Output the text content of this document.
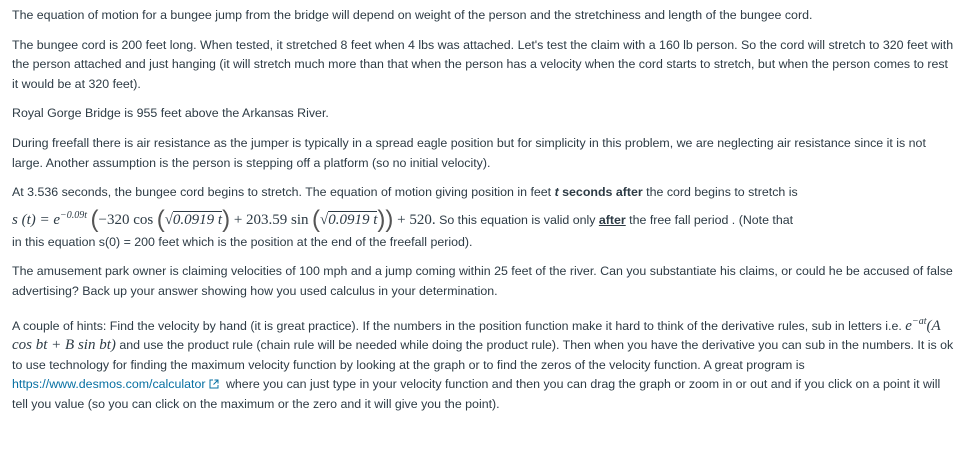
The equation of motion for a bungee jump from the bridge will depend on weight of the person and the stretchiness and length of the bungee cord.

The bungee cord is 200 feet long. When tested, it stretched 8 feet when 4 lbs was attached. Let's test the claim with a 160 lb person. So the cord will stretch to 320 feet with the person attached and just hanging (it will stretch much more than that when the person has a velocity when the cord starts to stretch, but when the person comes to rest it would be at 320 feet).

Royal Gorge Bridge is 955 feet above the Arkansas River.

During freefall there is air resistance as the jumper is typically in a spread eagle position but for simplicity in this problem, we are neglecting air resistance since it is not large. Another assumption is the person is stepping off a platform (so no initial velocity).

At 3.536 seconds, the bungee cord begins to stretch. The equation of motion giving position in feet t seconds after the cord begins to stretch is
s $(t) = e^{-0.09t}$ (−320 cos (√0.0919 t) + 203.59 sin (√0.0919 t)) + 520. So this equation is valid only after the free fall period . (Note that
in this equation s(0) = 200 feet which is the position at the end of the freefall period).

The amusement park owner is claiming velocities of 100 mph and a jump coming within 25 feet of the river. Can you substantiate his claims, or could he be accused of false advertising? Back up your answer showing how you used calculus in your determination.

A couple of hints: Find the velocity by hand (it is great practice). If the numbers in the position function make it hard to think of the derivative rules, sub in letters i.e. $e^{-at}(A$ cos bt + B sin bt) and use the product rule (chain rule will be needed while doing the product rule). Then when you have the derivative you can sub in the numbers. It is ok to use technology for finding the maximum velocity function by looking at the graph or to find the zeros of the velocity function. A great program is https://www.desmos.com/calculator where you can just type in your velocity function and then you can drag the graph or zoom in or out and if you click on a point it will tell you value (so you can click on the maximum or the zero and it will give you the point).
